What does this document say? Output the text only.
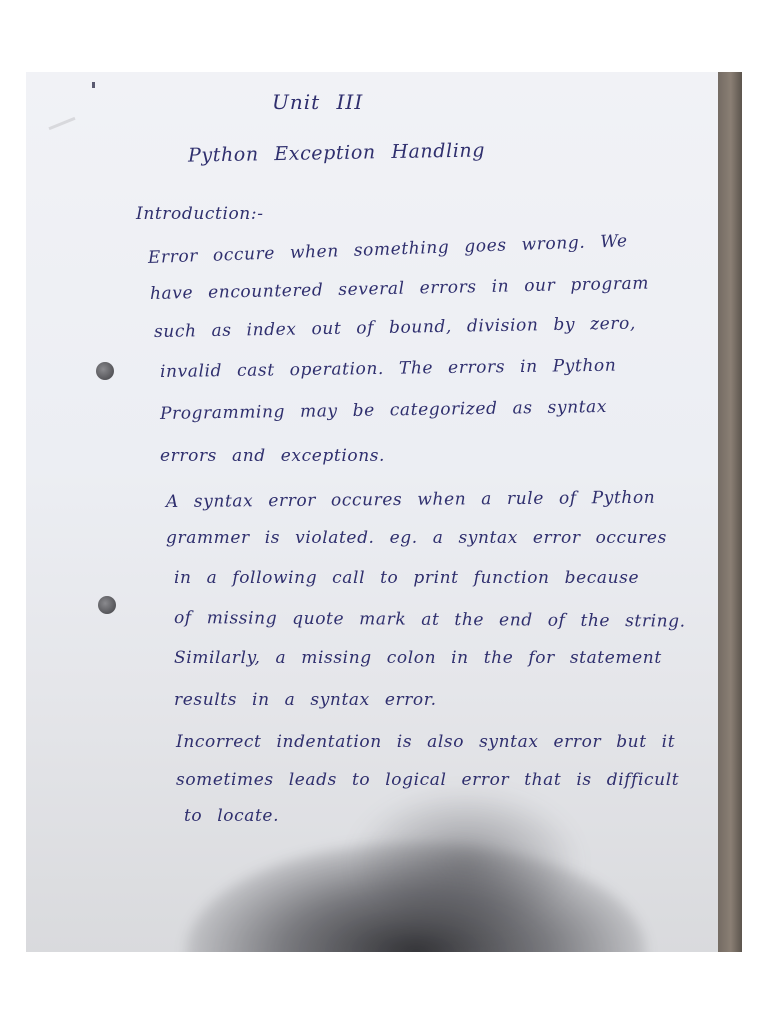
Unit III
Python Exception Handling
Introduction:-
Error occure when something goes wrong. We
have encountered several errors in our program
such as index out of bound, division by zero,
invalid cast operation. The errors in Python
Programming may be categorized as syntax
errors and exceptions.
A syntax error occures when a rule of Python
grammer is violated. eg. a syntax error occures
in a following call to print function because
of missing quote mark at the end of the string.
Similarly, a missing colon in the for statement
results in a syntax error.
Incorrect indentation is also syntax error but it
sometimes leads to logical error that is difficult
to locate.
